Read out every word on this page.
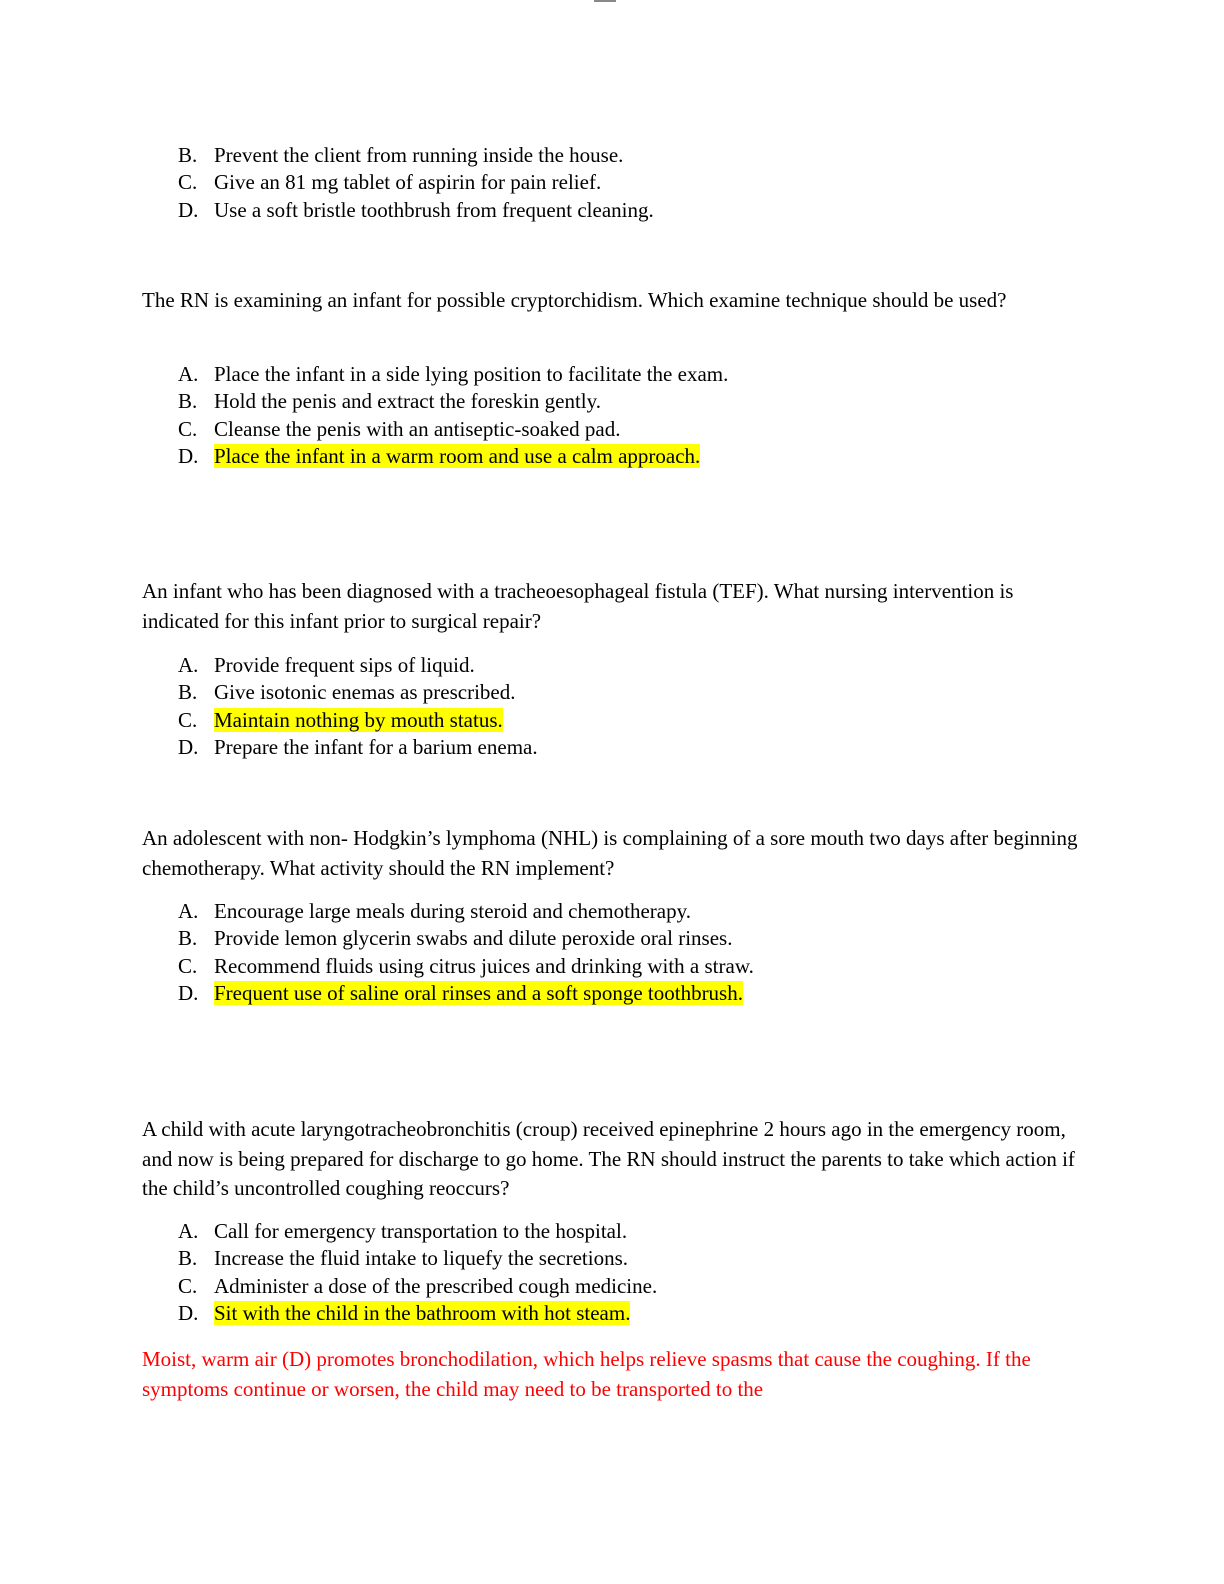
B. Prevent the client from running inside the house.
C. Give an 81 mg tablet of aspirin for pain relief.
D. Use a soft bristle toothbrush from frequent cleaning.
The RN is examining an infant for possible cryptorchidism. Which examine technique should be used?
A. Place the infant in a side lying position to facilitate the exam.
B. Hold the penis and extract the foreskin gently.
C. Cleanse the penis with an antiseptic-soaked pad.
D. Place the infant in a warm room and use a calm approach.
An infant who has been diagnosed with a tracheoesophageal fistula (TEF). What nursing intervention is indicated for this infant prior to surgical repair?
A. Provide frequent sips of liquid.
B. Give isotonic enemas as prescribed.
C. Maintain nothing by mouth status.
D. Prepare the infant for a barium enema.
An adolescent with non- Hodgkin’s lymphoma (NHL) is complaining of a sore mouth two days after beginning chemotherapy. What activity should the RN implement?
A. Encourage large meals during steroid and chemotherapy.
B. Provide lemon glycerin swabs and dilute peroxide oral rinses.
C. Recommend fluids using citrus juices and drinking with a straw.
D. Frequent use of saline oral rinses and a soft sponge toothbrush.
A child with acute laryngotracheobronchitis (croup) received epinephrine 2 hours ago in the emergency room, and now is being prepared for discharge to go home. The RN should instruct the parents to take which action if the child’s uncontrolled coughing reoccurs?
A. Call for emergency transportation to the hospital.
B. Increase the fluid intake to liquefy the secretions.
C. Administer a dose of the prescribed cough medicine.
D. Sit with the child in the bathroom with hot steam.
Moist, warm air (D) promotes bronchodilation, which helps relieve spasms that cause the coughing. If the symptoms continue or worsen, the child may need to be transported to the
